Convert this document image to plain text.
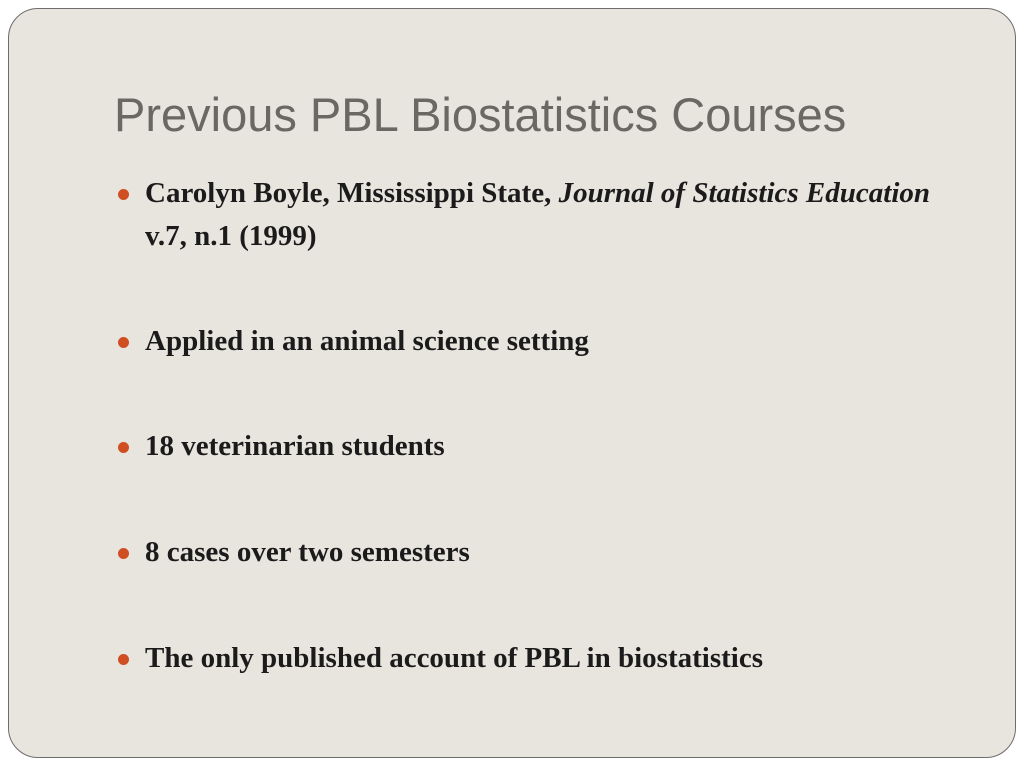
Previous PBL Biostatistics Courses
Carolyn Boyle, Mississippi State, Journal of Statistics Education v.7, n.1 (1999)
Applied in an animal science setting
18 veterinarian students
8 cases over two semesters
The only published account of PBL in biostatistics
